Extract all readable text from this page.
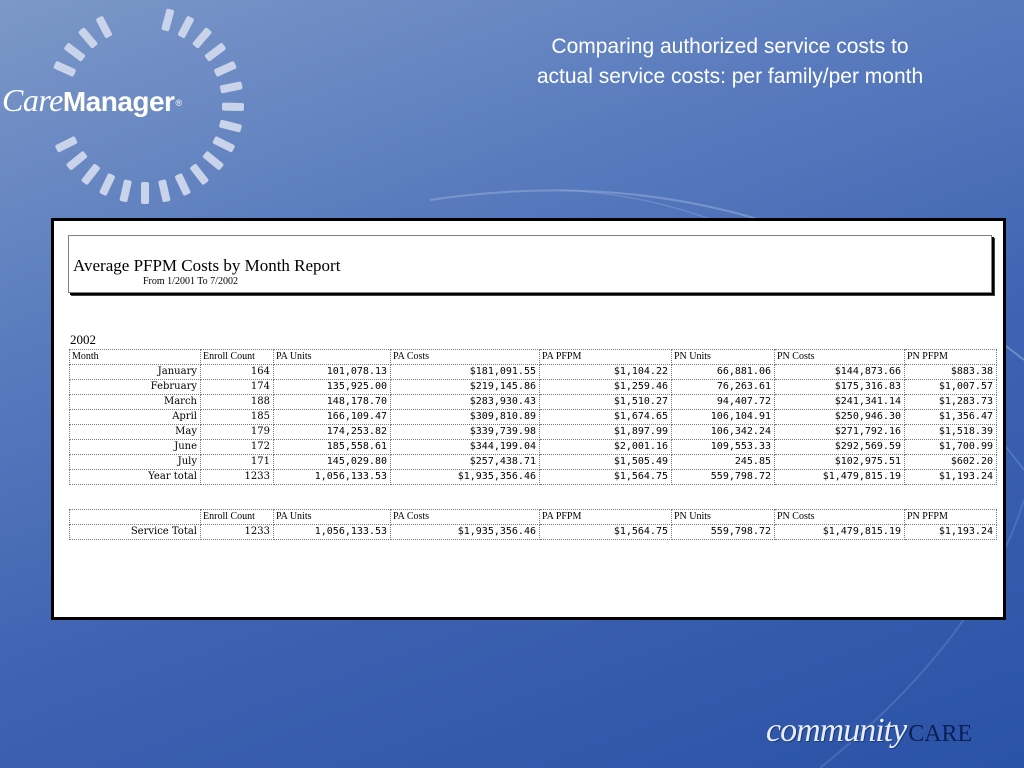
CareManager®
Comparing authorized service costs to
actual service costs: per family/per month
Average PFPM Costs by Month Report
From 1/2001 To 7/2002
2002
Month	Enroll Count	PA Units	PA Costs	PA PFPM	PN Units	PN Costs	PN PFPM
January	164	101,078.13	$181,091.55	$1,104.22	66,881.06	$144,873.66	$883.38
February	174	135,925.00	$219,145.86	$1,259.46	76,263.61	$175,316.83	$1,007.57
March	188	148,178.70	$283,930.43	$1,510.27	94,407.72	$241,341.14	$1,283.73
April	185	166,109.47	$309,810.89	$1,674.65	106,104.91	$250,946.30	$1,356.47
May	179	174,253.82	$339,739.98	$1,897.99	106,342.24	$271,792.16	$1,518.39
June	172	185,558.61	$344,199.04	$2,001.16	109,553.33	$292,569.59	$1,700.99
July	171	145,029.80	$257,438.71	$1,505.49	245.85	$102,975.51	$602.20
Year total	1233	1,056,133.53	$1,935,356.46	$1,564.75	559,798.72	$1,479,815.19	$1,193.24
	Enroll Count	PA Units	PA Costs	PA PFPM	PN Units	PN Costs	PN PFPM
Service Total	1233	1,056,133.53	$1,935,356.46	$1,564.75	559,798.72	$1,479,815.19	$1,193.24
communityCARE
